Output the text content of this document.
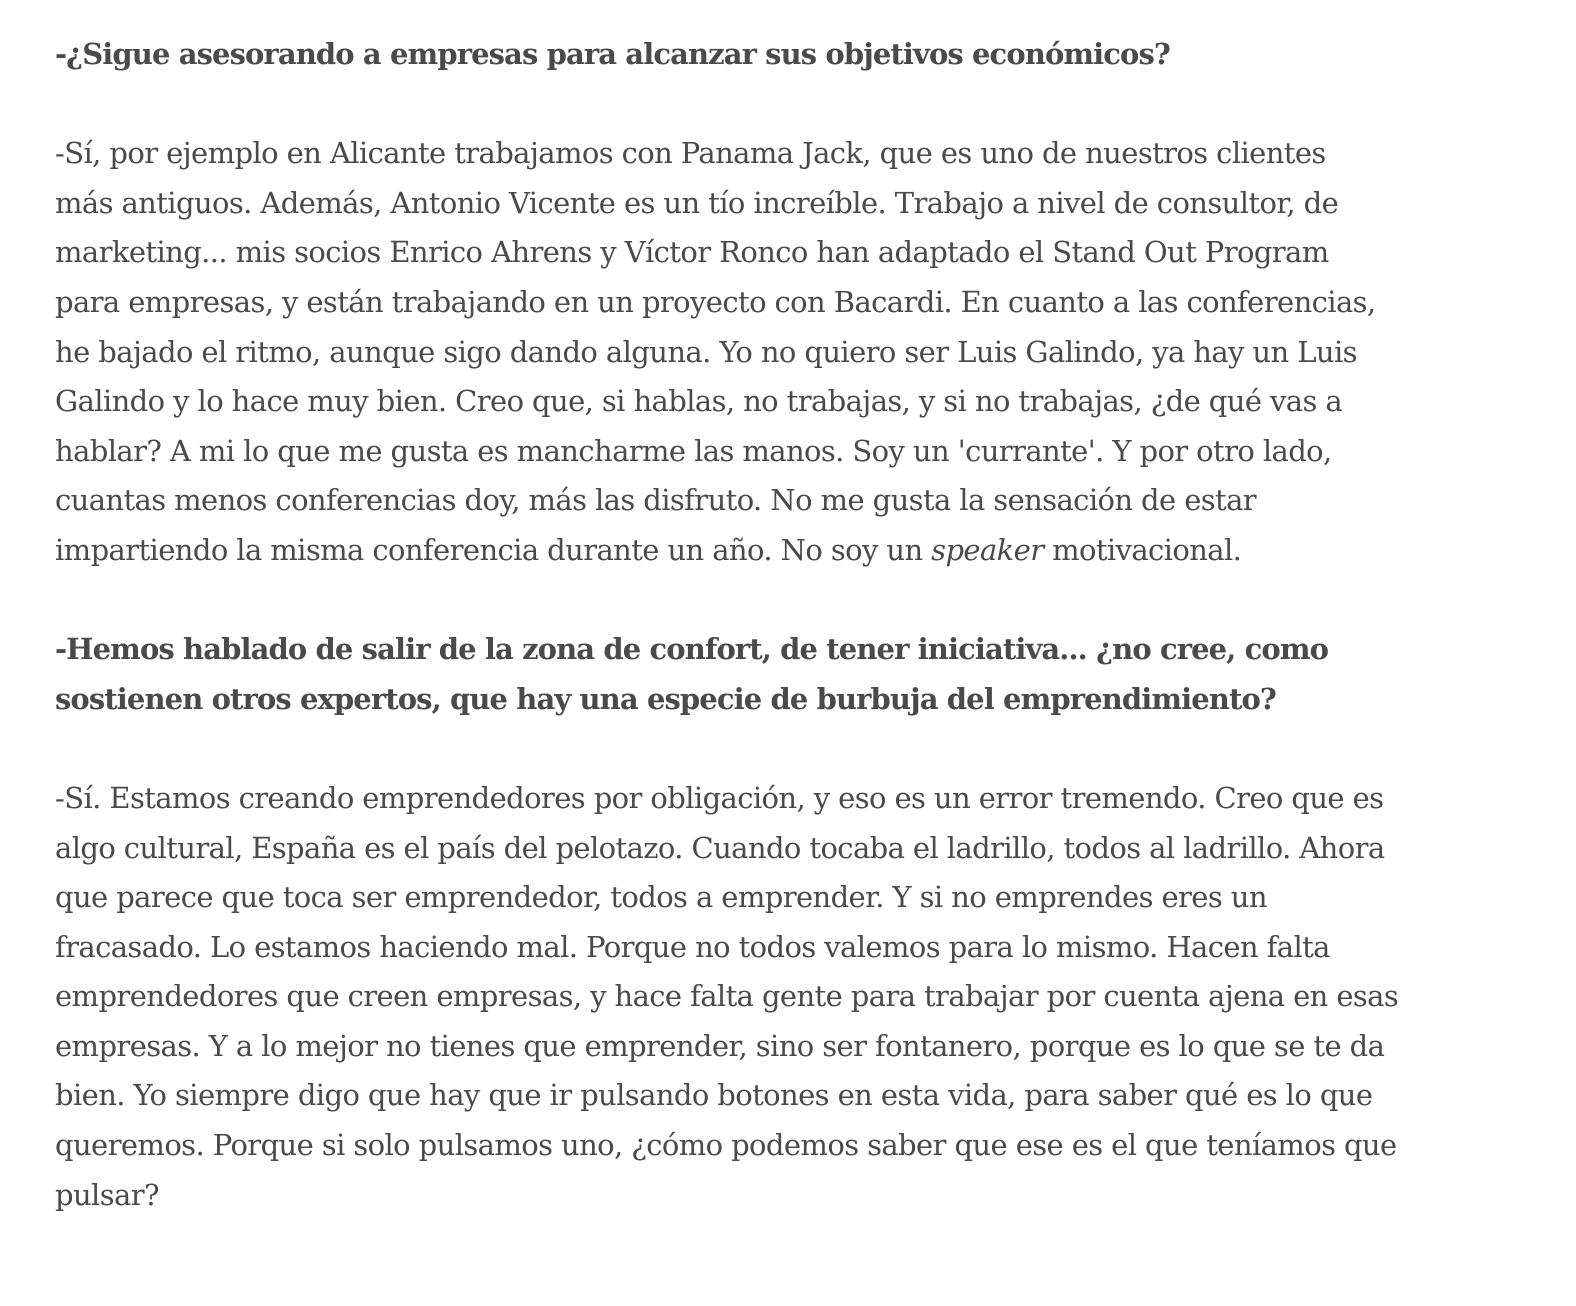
-¿Sigue asesorando a empresas para alcanzar sus objetivos económicos?
-Sí, por ejemplo en Alicante trabajamos con Panama Jack, que es uno de nuestros clientes
más antiguos. Además, Antonio Vicente es un tío increíble. Trabajo a nivel de consultor, de
marketing... mis socios Enrico Ahrens y Víctor Ronco han adaptado el Stand Out Program
para empresas, y están trabajando en un proyecto con Bacardi. En cuanto a las conferencias,
he bajado el ritmo, aunque sigo dando alguna. Yo no quiero ser Luis Galindo, ya hay un Luis
Galindo y lo hace muy bien. Creo que, si hablas, no trabajas, y si no trabajas, ¿de qué vas a
hablar? A mi lo que me gusta es mancharme las manos. Soy un 'currante'. Y por otro lado,
cuantas menos conferencias doy, más las disfruto. No me gusta la sensación de estar
impartiendo la misma conferencia durante un año. No soy un speaker motivacional.
-Hemos hablado de salir de la zona de confort, de tener iniciativa... ¿no cree, como
sostienen otros expertos, que hay una especie de burbuja del emprendimiento?
-Sí. Estamos creando emprendedores por obligación, y eso es un error tremendo. Creo que es
algo cultural, España es el país del pelotazo. Cuando tocaba el ladrillo, todos al ladrillo. Ahora
que parece que toca ser emprendedor, todos a emprender. Y si no emprendes eres un
fracasado. Lo estamos haciendo mal. Porque no todos valemos para lo mismo. Hacen falta
emprendedores que creen empresas, y hace falta gente para trabajar por cuenta ajena en esas
empresas. Y a lo mejor no tienes que emprender, sino ser fontanero, porque es lo que se te da
bien. Yo siempre digo que hay que ir pulsando botones en esta vida, para saber qué es lo que
queremos. Porque si solo pulsamos uno, ¿cómo podemos saber que ese es el que teníamos que
pulsar?
